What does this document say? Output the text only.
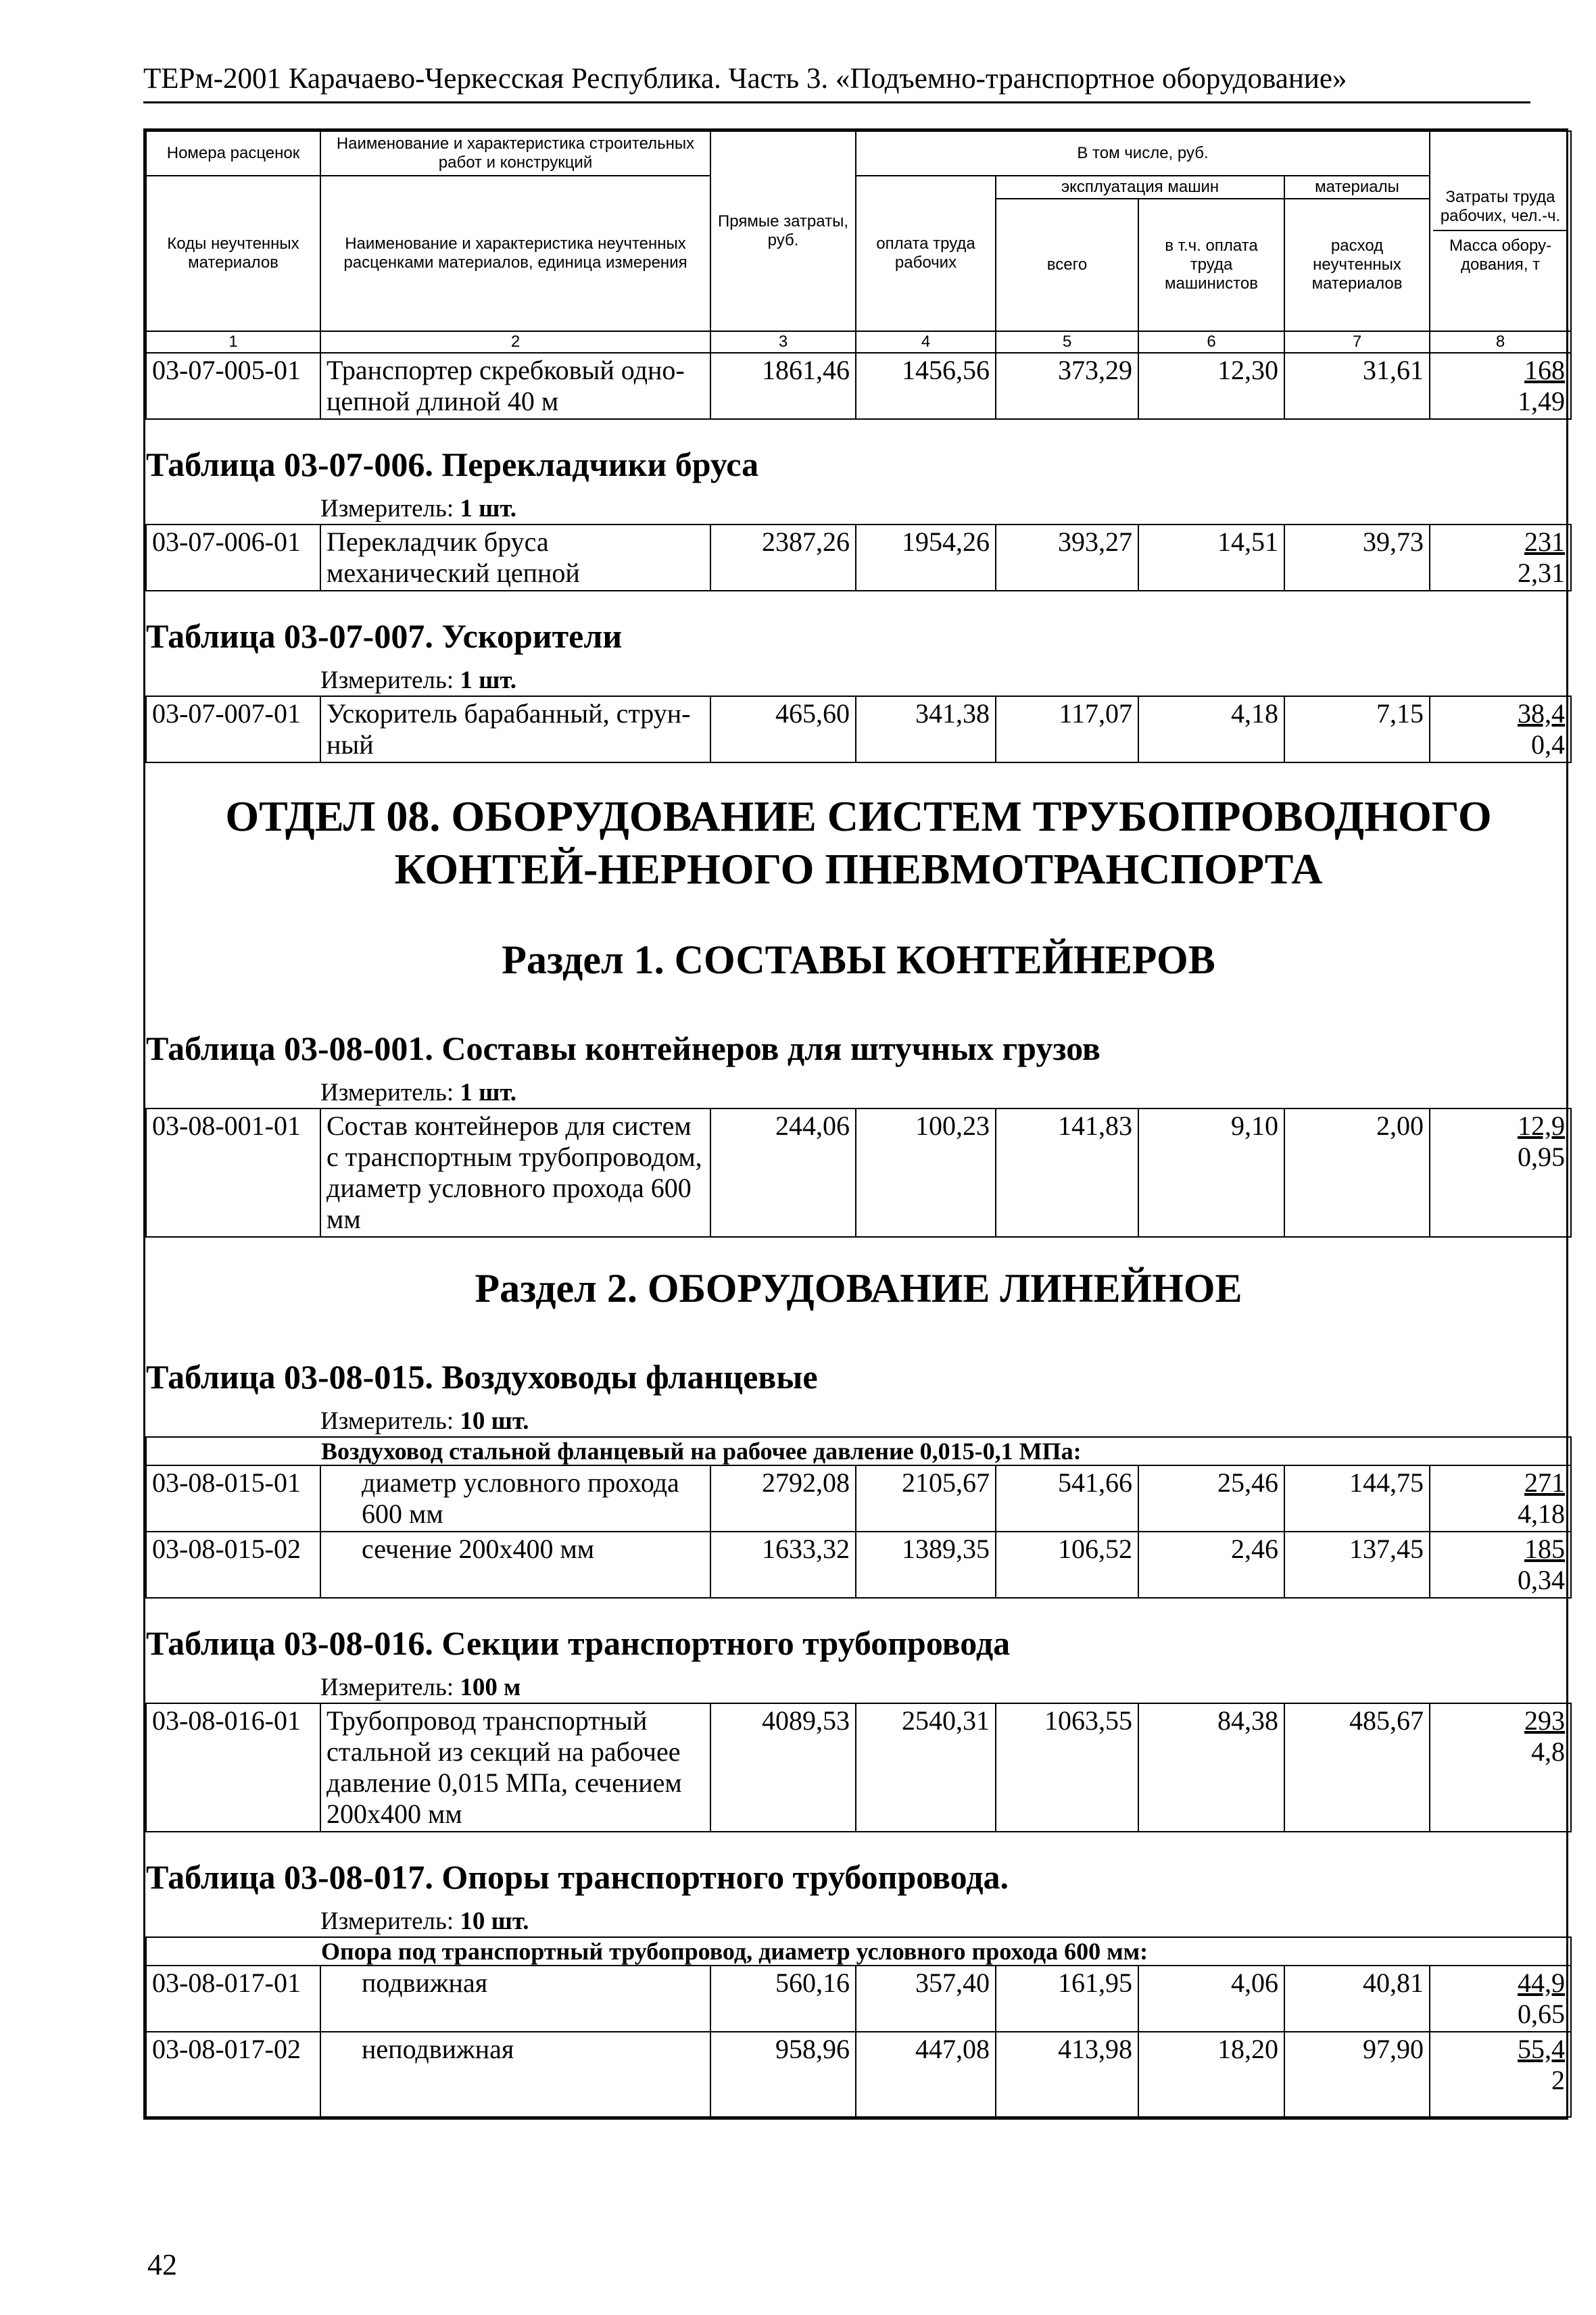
ТЕРм-2001 Карачаево-Черкесская Республика. Часть 3. «Подъемно-транспортное оборудование»
Номера расценок	Наименование и характеристика строительных работ и конструкций	Прямые затраты, руб.	В том числе, руб.				Затраты труда рабочих, чел.-ч.
Масса обору-дования, т

Коды неучтенных материалов	Наименование и характеристика неучтенных расценками материалов, единица измерения		оплата труда рабочих	эксплуатация машин		материалы	
				всего	в т.ч. оплата труда машинистов	расход неучтенных материалов	
1	2	3	4	5	6	7	8
03-07-005-01	Транспортер скребковый одно-цепной длиной 40 м	1861,46	1456,56	373,29	12,30	31,61	168
1,49

Таблица 03-07-006. Перекладчики бруса							
Измеритель: 1 шт.							
03-07-006-01	Перекладчик бруса механический цепной	2387,26	1954,26	393,27	14,51	39,73	231
2,31

Таблица 03-07-007. Ускорители							
Измеритель: 1 шт.							
03-07-007-01	Ускоритель барабанный, струн-ный	465,60	341,38	117,07	4,18	7,15	38,4
0,4

ОТДЕЛ 08. ОБОРУДОВАНИЕ СИСТЕМ ТРУБОПРОВОДНОГО КОНТЕЙ-НЕРНОГО ПНЕВМОТРАНСПОРТА							
Раздел 1. СОСТАВЫ КОНТЕЙНЕРОВ							
Таблица 03-08-001. Составы контейнеров для штучных грузов							
Измеритель: 1 шт.							
03-08-001-01	Состав контейнеров для систем с транспортным трубопроводом, диаметр условного прохода 600 мм	244,06	100,23	141,83	9,10	2,00	12,9
0,95

Раздел 2. ОБОРУДОВАНИЕ ЛИНЕЙНОЕ							
Таблица 03-08-015. Воздуховоды фланцевые							
Измеритель: 10 шт.							
Воздуховод стальной фланцевый на рабочее давление 0,015-0,1 МПа:							
03-08-015-01	диаметр условного прохода 600 мм	2792,08	2105,67	541,66	25,46	144,75	271
4,18

03-08-015-02	сечение 200х400 мм	1633,32	1389,35	106,52	2,46	137,45	185
0,34

Таблица 03-08-016. Секции транспортного трубопровода							
Измеритель: 100 м							
03-08-016-01	Трубопровод транспортный стальной из секций на рабочее давление 0,015 МПа, сечением 200х400 мм	4089,53	2540,31	1063,55	84,38	485,67	293
4,8

Таблица 03-08-017. Опоры транспортного трубопровода.							
Измеритель: 10 шт.							
Опора под транспортный трубопровод, диаметр условного прохода 600 мм:							
03-08-017-01	подвижная	560,16	357,40	161,95	4,06	40,81	44,9
0,65

03-08-017-02	неподвижная	958,96	447,08	413,98	18,20	97,90	55,4
2
42
